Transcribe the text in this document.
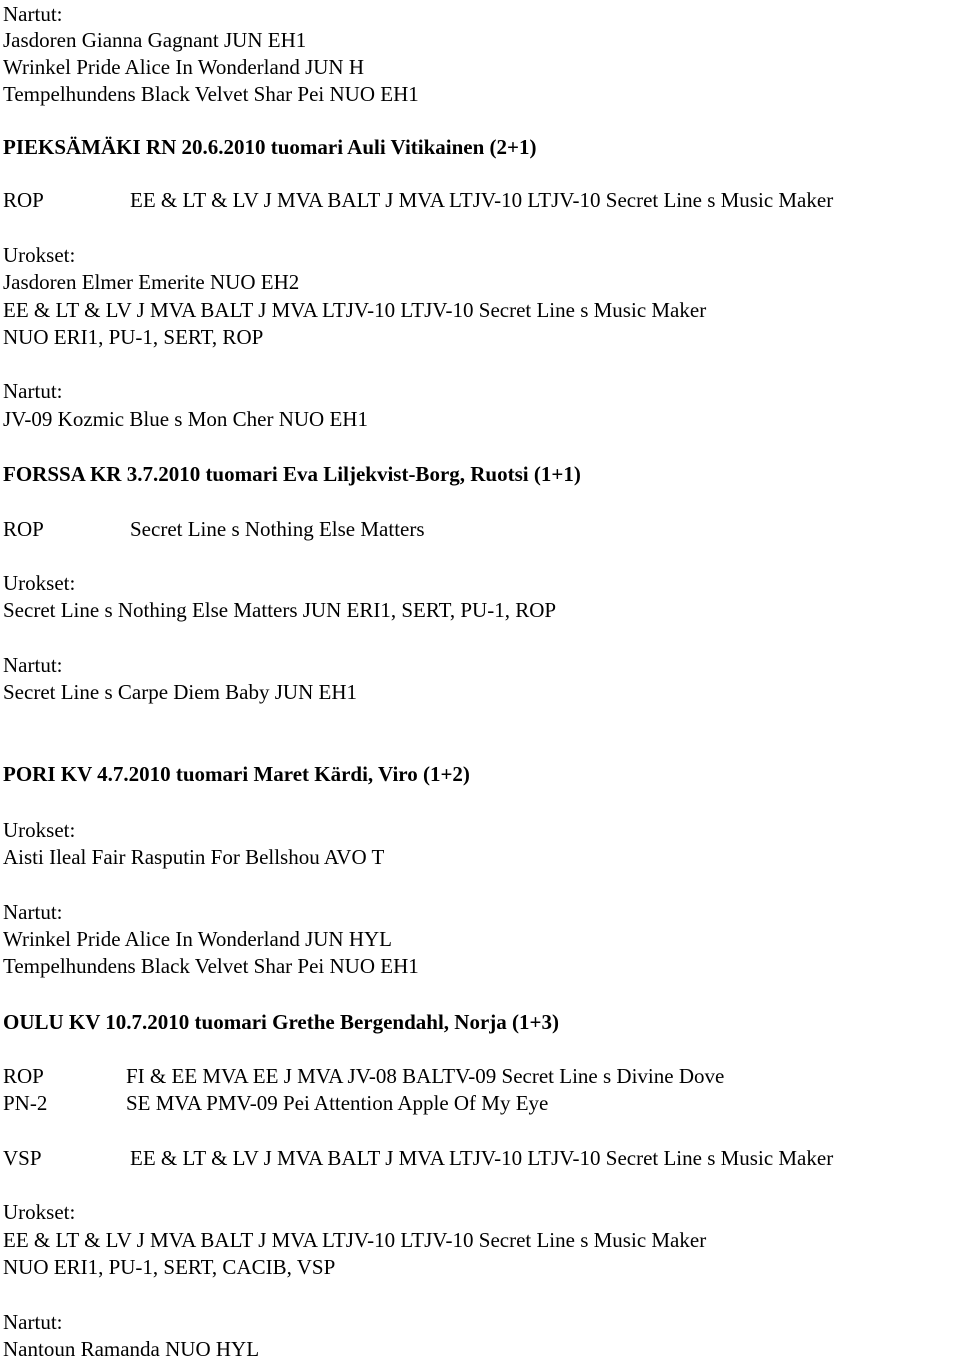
Nartut:
Jasdoren Gianna Gagnant JUN EH1
Wrinkel Pride Alice In Wonderland JUN H
Tempelhundens Black Velvet Shar Pei NUO EH1
PIEKSÄMÄKI RN 20.6.2010 tuomari Auli Vitikainen (2+1)
ROP	EE & LT & LV J MVA BALT J MVA LTJV-10 LTJV-10 Secret Line s Music Maker
Urokset:
Jasdoren Elmer Emerite NUO EH2
EE & LT & LV J MVA BALT J MVA LTJV-10 LTJV-10 Secret Line s Music Maker
NUO ERI1, PU-1, SERT, ROP
Nartut:
JV-09 Kozmic Blue s Mon Cher NUO EH1
FORSSA KR 3.7.2010 tuomari Eva Liljekvist-Borg, Ruotsi (1+1)
ROP	Secret Line s Nothing Else Matters
Urokset:
Secret Line s Nothing Else Matters JUN ERI1, SERT, PU-1, ROP
Nartut:
Secret Line s Carpe Diem Baby JUN EH1
PORI KV 4.7.2010 tuomari Maret Kärdi, Viro (1+2)
Urokset:
Aisti Ileal Fair Rasputin For Bellshou AVO T
Nartut:
Wrinkel Pride Alice In Wonderland JUN HYL
Tempelhundens Black Velvet Shar Pei NUO EH1
OULU KV 10.7.2010 tuomari Grethe Bergendahl, Norja (1+3)
ROP	FI & EE MVA EE J MVA JV-08 BALTV-09 Secret Line s Divine Dove
PN-2	SE MVA PMV-09 Pei Attention Apple Of My Eye
VSP	EE & LT & LV J MVA BALT J MVA LTJV-10 LTJV-10 Secret Line s Music Maker
Urokset:
EE & LT & LV J MVA BALT J MVA LTJV-10 LTJV-10 Secret Line s Music Maker
NUO ERI1, PU-1, SERT, CACIB, VSP
Nartut:
Nantoun Ramanda NUO HYL
